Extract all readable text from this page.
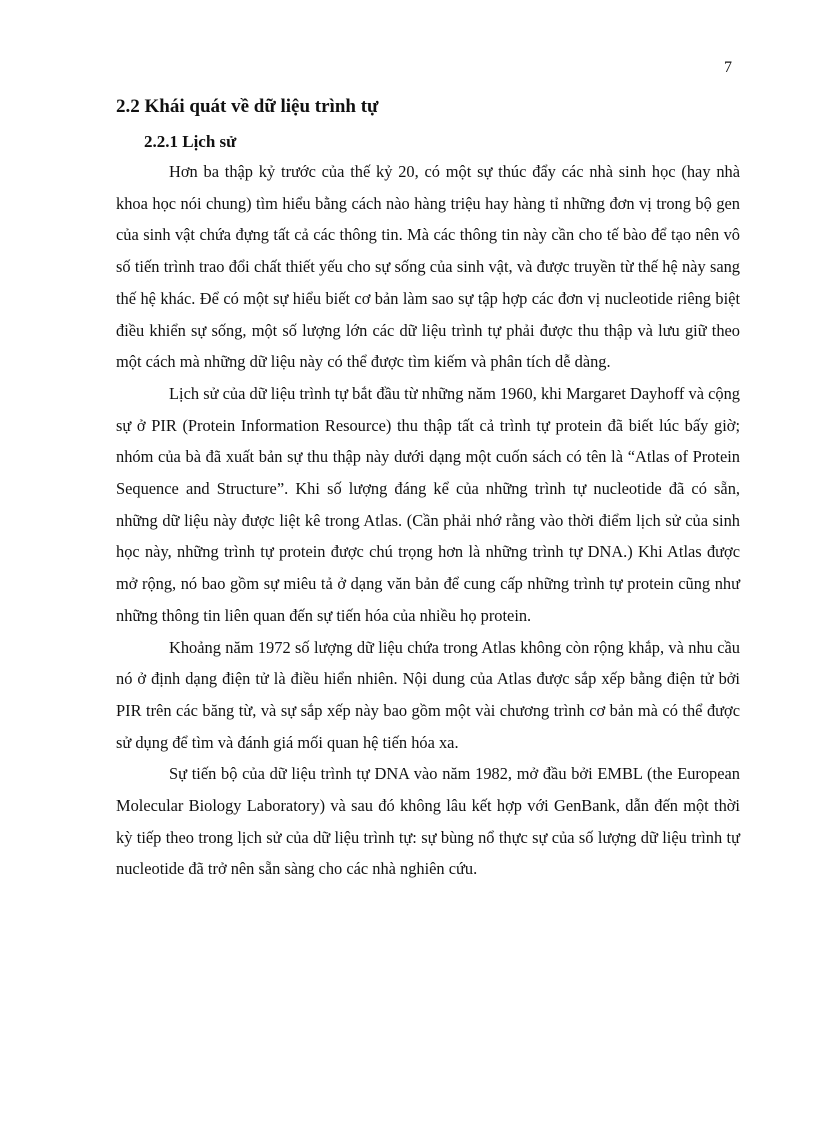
7
2.2 Khái quát về dữ liệu trình tự
2.2.1 Lịch sử

Hơn ba thập kỷ trước của thế kỷ 20, có một sự thúc đẩy các nhà sinh học (hay nhà khoa học nói chung) tìm hiểu bằng cách nào hàng triệu hay hàng tỉ những đơn vị trong bộ gen của sinh vật chứa đựng tất cả các thông tin. Mà các thông tin này cần cho tế bào để tạo nên vô số tiến trình trao đổi chất thiết yếu cho sự sống của sinh vật, và được truyền từ thế hệ này sang thế hệ khác. Để có một sự hiểu biết cơ bản làm sao sự tập hợp các đơn vị nucleotide riêng biệt điều khiển sự sống, một số lượng lớn các dữ liệu trình tự phải được thu thập và lưu giữ theo một cách mà những dữ liệu này có thể được tìm kiếm và phân tích dễ dàng.

Lịch sử của dữ liệu trình tự bắt đầu từ những năm 1960, khi Margaret Dayhoff và cộng sự ở PIR (Protein Information Resource) thu thập tất cả trình tự protein đã biết lúc bấy giờ; nhóm của bà đã xuất bản sự thu thập này dưới dạng một cuốn sách có tên là “Atlas of Protein Sequence and Structure”. Khi số lượng đáng kể của những trình tự nucleotide đã có sẵn, những dữ liệu này được liệt kê trong Atlas. (Cần phải nhớ rằng vào thời điểm lịch sử của sinh học này, những trình tự protein được chú trọng hơn là những trình tự DNA.) Khi Atlas được mở rộng, nó bao gồm sự miêu tả ở dạng văn bản để cung cấp những trình tự protein cũng như những thông tin liên quan đến sự tiến hóa của nhiều họ protein.

Khoảng năm 1972 số lượng dữ liệu chứa trong Atlas không còn rộng khắp, và nhu cầu nó ở định dạng điện tử là điều hiển nhiên. Nội dung của Atlas được sắp xếp bằng điện tử bởi PIR trên các băng từ, và sự sắp xếp này bao gồm một vài chương trình cơ bản mà có thể được sử dụng để tìm và đánh giá mối quan hệ tiến hóa xa.

Sự tiến bộ của dữ liệu trình tự DNA vào năm 1982, mở đầu bởi EMBL (the European Molecular Biology Laboratory) và sau đó không lâu kết hợp với GenBank, dẫn đến một thời kỳ tiếp theo trong lịch sử của dữ liệu trình tự: sự bùng nổ thực sự của số lượng dữ liệu trình tự nucleotide đã trở nên sẵn sàng cho các nhà nghiên cứu.
